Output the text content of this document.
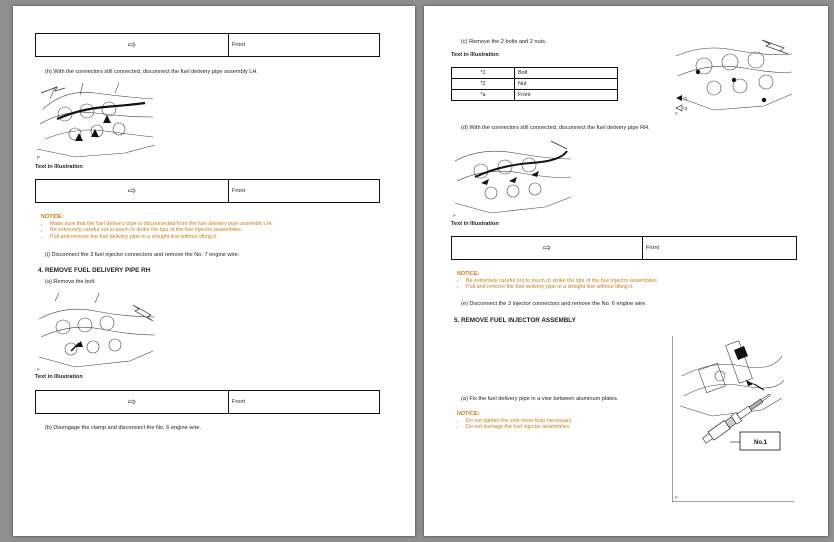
⇨	Front
(h) With the connectors still connected, disconnect the fuel delivery pipe assembly LH.
P
Text in Illustration
⇨	Front
NOTICE:
• Make sure that the fuel delivery pipe is disconnected from the fuel delivery pipe assembly LH.
• Be extremely careful not to touch or strike the tips of the fuel injector assemblies.
• Pull and remove the fuel delivery pipe in a straight line without tilting it.
(i) Disconnect the 3 fuel injector connectors and remove the No. 7 engine wire.
4. REMOVE FUEL DELIVERY PIPE RH
(a) Remove the bolt.
P
Text in Illustration
⇨	Front
(b) Disengage the clamp and disconnect the No. 6 engine wire.
(c) Remove the 2 bolts and 2 nuts.
Text in Illustration
*1	Bolt
*2	Nut
*a	Front
*1
*2
P
(d) With the connectors still connected, disconnect the fuel delivery pipe RH.
P
Text in Illustration
⇨	Front
NOTICE:
• Be extremely careful not to touch or strike the tips of the fuel injector assemblies.
• Pull and remove the fuel delivery pipe in a straight line without tilting it.
(e) Disconnect the 3 injector connectors and remove the No. 6 engine wire.
5. REMOVE FUEL INJECTOR ASSEMBLY
(a) Fix the fuel delivery pipe in a vise between aluminum plates.
NOTICE:
• Do not tighten the vise more than necessary.
• Do not damage the fuel injector assemblies.
No.1
P
